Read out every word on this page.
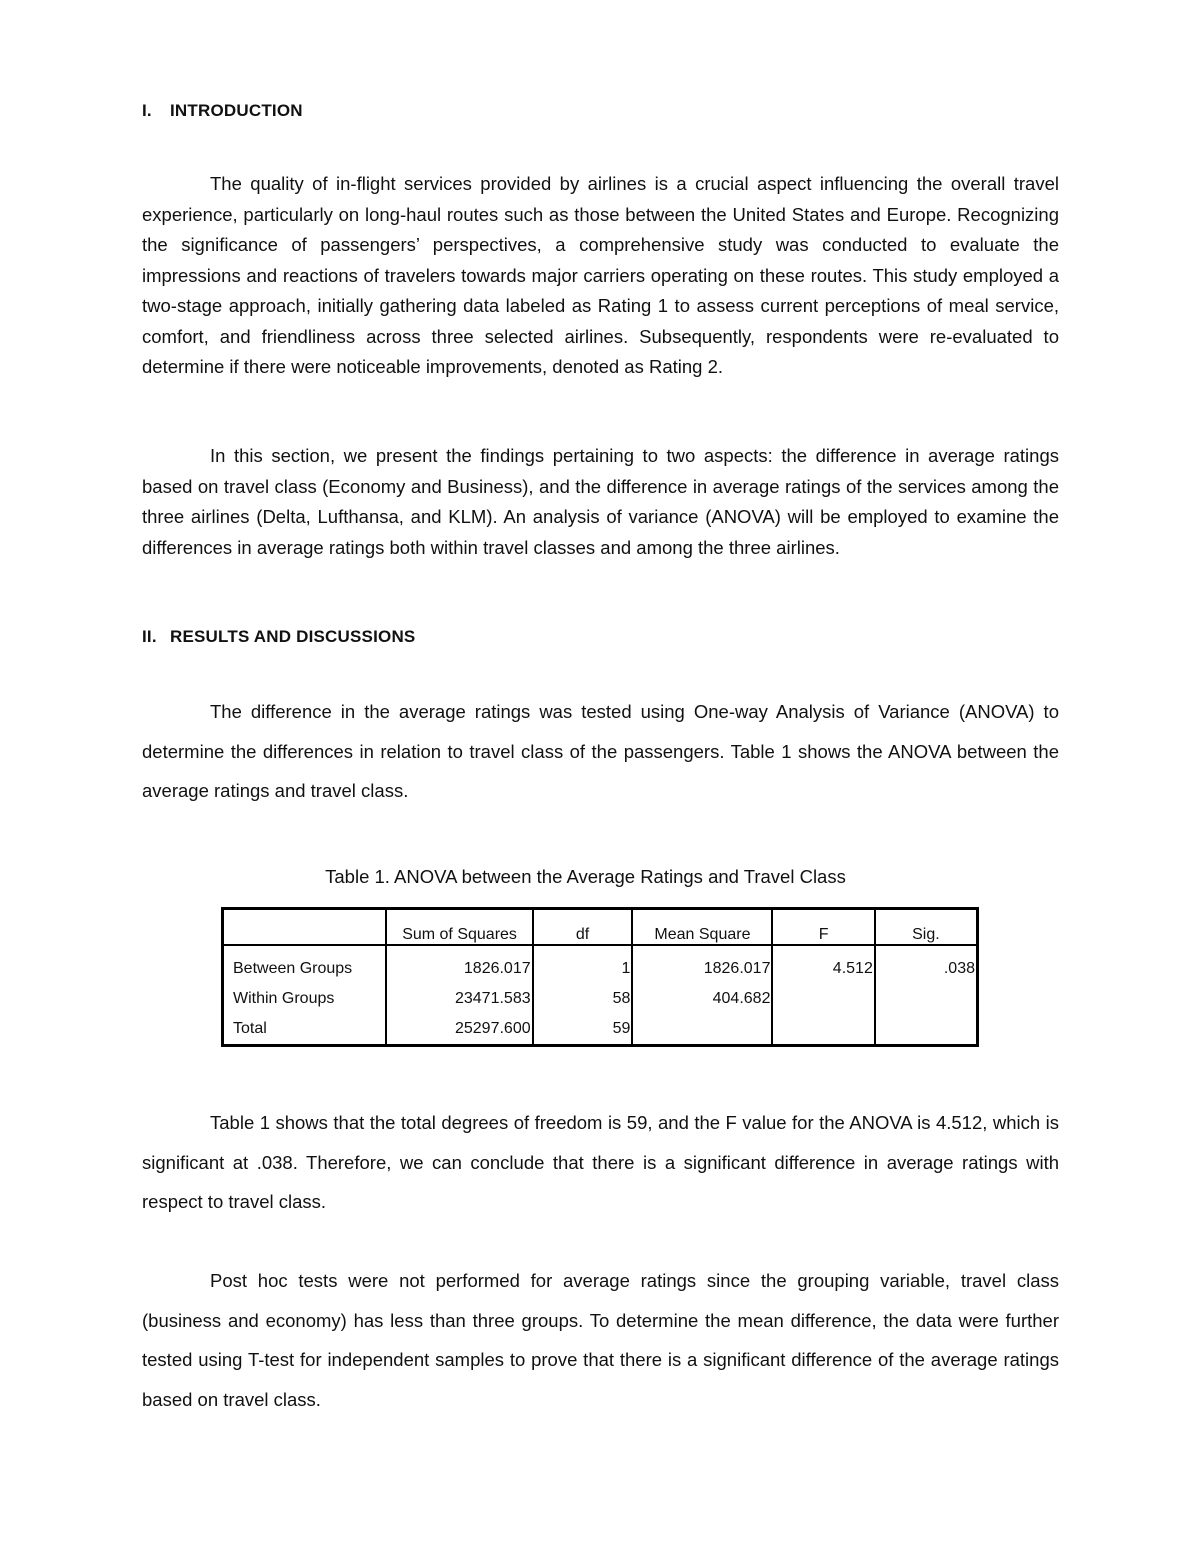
I. INTRODUCTION

The quality of in-flight services provided by airlines is a crucial aspect influencing the overall travel experience, particularly on long-haul routes such as those between the United States and Europe. Recognizing the significance of passengers’ perspectives, a comprehensive study was conducted to evaluate the impressions and reactions of travelers towards major carriers operating on these routes. This study employed a two-stage approach, initially gathering data labeled as Rating 1 to assess current perceptions of meal service, comfort, and friendliness across three selected airlines. Subsequently, respondents were re-evaluated to determine if there were noticeable improvements, denoted as Rating 2.

In this section, we present the findings pertaining to two aspects: the difference in average ratings based on travel class (Economy and Business), and the difference in average ratings of the services among the three airlines (Delta, Lufthansa, and KLM). An analysis of variance (ANOVA) will be employed to examine the differences in average ratings both within travel classes and among the three airlines.

II. RESULTS AND DISCUSSIONS

The difference in the average ratings was tested using One-way Analysis of Variance (ANOVA) to determine the differences in relation to travel class of the passengers. Table 1 shows the ANOVA between the average ratings and travel class.

Table 1. ANOVA between the Average Ratings and Travel Class
	Sum of Squares	df	Mean Square	F	Sig.
Between Groups	1826.017	1	1826.017	4.512	.038
Within Groups	23471.583	58	404.682		
Total	25297.600	59			

Table 1 shows that the total degrees of freedom is 59, and the F value for the ANOVA is 4.512, which is significant at .038. Therefore, we can conclude that there is a significant difference in average ratings with respect to travel class.

Post hoc tests were not performed for average ratings since the grouping variable, travel class (business and economy) has less than three groups. To determine the mean difference, the data were further tested using T-test for independent samples to prove that there is a significant difference of the average ratings based on travel class.
